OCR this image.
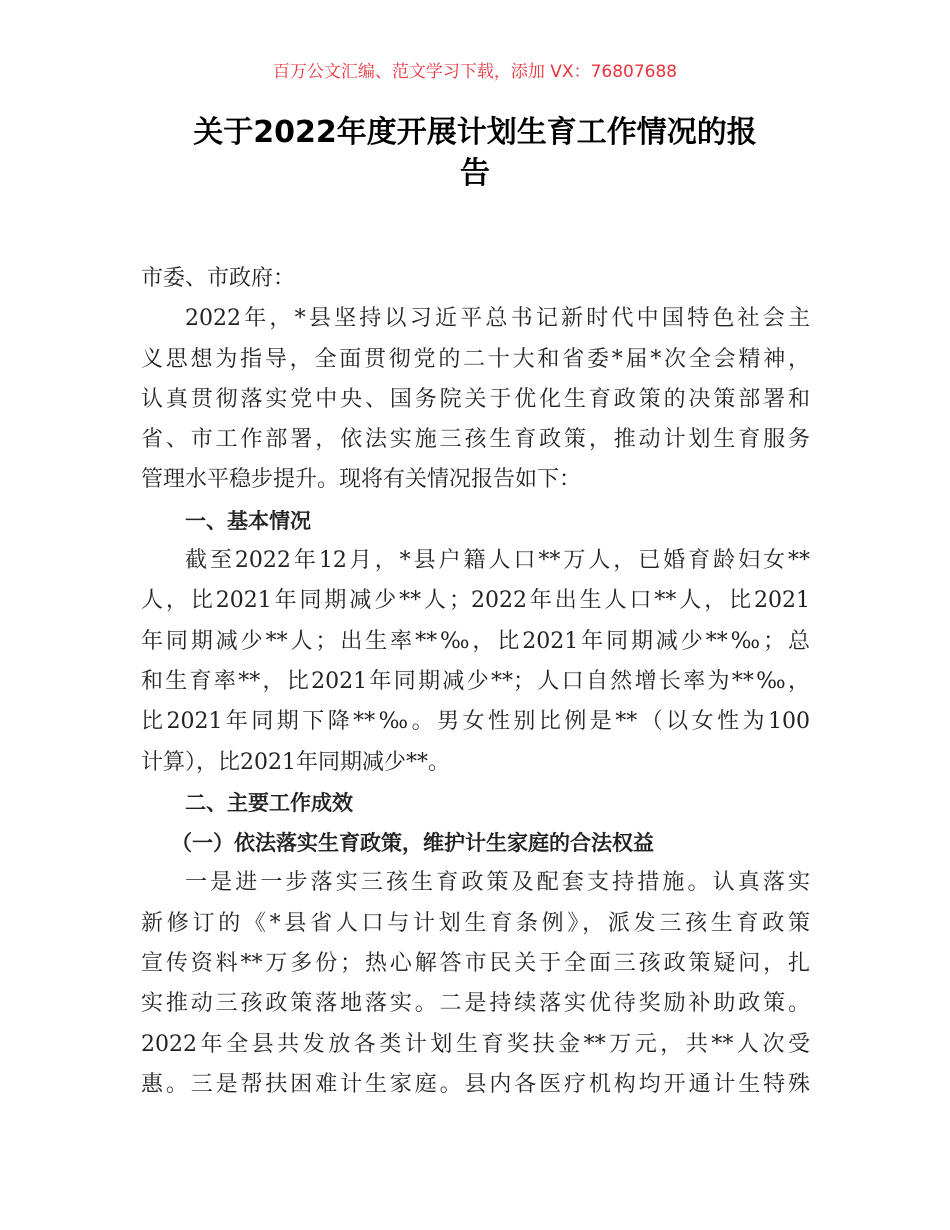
百万公文汇编、范文学习下载，添加 VX：76807688
关于2022年度开展计划生育工作情况的报
告
市委、市政府：
2022年，*县坚持以习近平总书记新时代中国特色社会主
义思想为指导，全面贯彻党的二十大和省委*届*次全会精神，
认真贯彻落实党中央、国务院关于优化生育政策的决策部署和
省、市工作部署，依法实施三孩生育政策，推动计划生育服务
管理水平稳步提升。现将有关情况报告如下：
一、基本情况
截至2022年12月，*县户籍人口**万人，已婚育龄妇女**
人，比2021年同期减少**人；2022年出生人口**人，比2021
年同期减少**人；出生率**‰，比2021年同期减少**‰；总
和生育率**，比2021年同期减少**；人口自然增长率为**‰，
比2021年同期下降**‰。男女性别比例是**（以女性为100
计算），比2021年同期减少**。
二、主要工作成效
（一）依法落实生育政策，维护计生家庭的合法权益
一是进一步落实三孩生育政策及配套支持措施。认真落实
新修订的《*县省人口与计划生育条例》，派发三孩生育政策
宣传资料**万多份；热心解答市民关于全面三孩政策疑问，扎
实推动三孩政策落地落实。二是持续落实优待奖励补助政策。
2022年全县共发放各类计划生育奖扶金**万元，共**人次受
惠。三是帮扶困难计生家庭。县内各医疗机构均开通计生特殊
